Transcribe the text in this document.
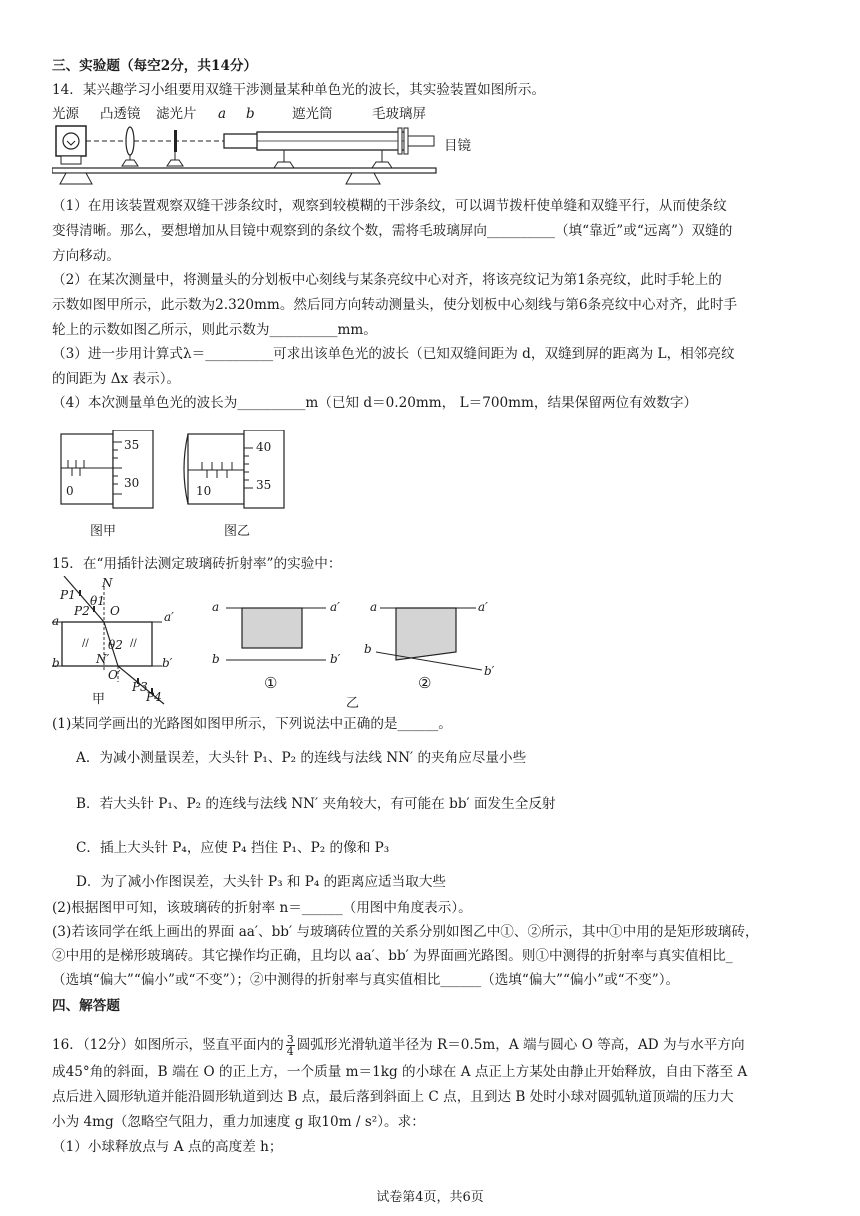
三、实验题（每空2分，共14分）
14．某兴趣学习小组要用双缝干涉测量某种单色光的波长，其实验装置如图所示。
光源 凸透镜 滤光片 a b	遮光筒	毛玻璃屏
目镜
（1）在用该装置观察双缝干涉条纹时，观察到较模糊的干涉条纹，可以调节拨杆使单缝和双缝平行，从而使条纹
变得清晰。那么，要想增加从目镜中观察到的条纹个数，需将毛玻璃屏向__________（填“靠近”或“远离”）双缝的
方向移动。
（2）在某次测量中，将测量头的分划板中心刻线与某条亮纹中心对齐，将该亮纹记为第1条亮纹，此时手轮上的
示数如图甲所示，此示数为2.320mm。然后同方向转动测量头，使分划板中心刻线与第6条亮纹中心对齐，此时手
轮上的示数如图乙所示，则此示数为__________mm。
（3）进一步用计算式λ＝__________可求出该单色光的波长（已知双缝间距为 d，双缝到屏的距离为 L，相邻亮纹
的间距为 Δx 表示）。
（4）本次测量单色光的波长为__________m（已知 d＝0.20mm， L＝700mm，结果保留两位有效数字）
35
30
0
图甲
40
35
10
图乙
15．在“用插针法测定玻璃砖折射率”的实验中：
//	//
N
P1
P2
θ1
O
a	a′
θ2
N′
O′
b	b′
P3
P4
甲
a	a′
b	b′
a	a′
b
b′
①	②
乙
(1)某同学画出的光路图如图甲所示，下列说法中正确的是______。
A．为减小测量误差，大头针 P₁、P₂ 的连线与法线 NN′ 的夹角应尽量小些
B．若大头针 P₁、P₂ 的连线与法线 NN′ 夹角较大，有可能在 bb′ 面发生全反射
C．插上大头针 P₄，应使 P₄ 挡住 P₁、P₂ 的像和 P₃
D．为了减小作图误差，大头针 P₃ 和 P₄ 的距离应适当取大些
(2)根据图甲可知，该玻璃砖的折射率 n＝______（用图中角度表示）。
(3)若该同学在纸上画出的界面 aa′、bb′ 与玻璃砖位置的关系分别如图乙中①、②所示，其中①中用的是矩形玻璃砖，
②中用的是梯形玻璃砖。其它操作均正确，且均以 aa′、bb′ 为界面画光路图。则①中测得的折射率与真实值相比_
（选填“偏大”“偏小”或“不变”）；②中测得的折射率与真实值相比______（选填“偏大”“偏小”或“不变”）。
四、解答题
16．（12分）如图所示，竖直平面内的 $\frac{3}{4}$ 圆弧形光滑轨道半径为 R＝0.5m，A 端与圆心 O 等高，AD 为与水平方向
成45°角的斜面，B 端在 O 的正上方，一个质量 m＝1kg 的小球在 A 点正上方某处由静止开始释放，自由下落至 A
点后进入圆形轨道并能沿圆形轨道到达 B 点，最后落到斜面上 C 点，且到达 B 处时小球对圆弧轨道顶端的压力大
小为 4mg（忽略空气阻力，重力加速度 g 取10m / s²）。求：
（1）小球释放点与 A 点的高度差 h；
试卷第4页，共6页
